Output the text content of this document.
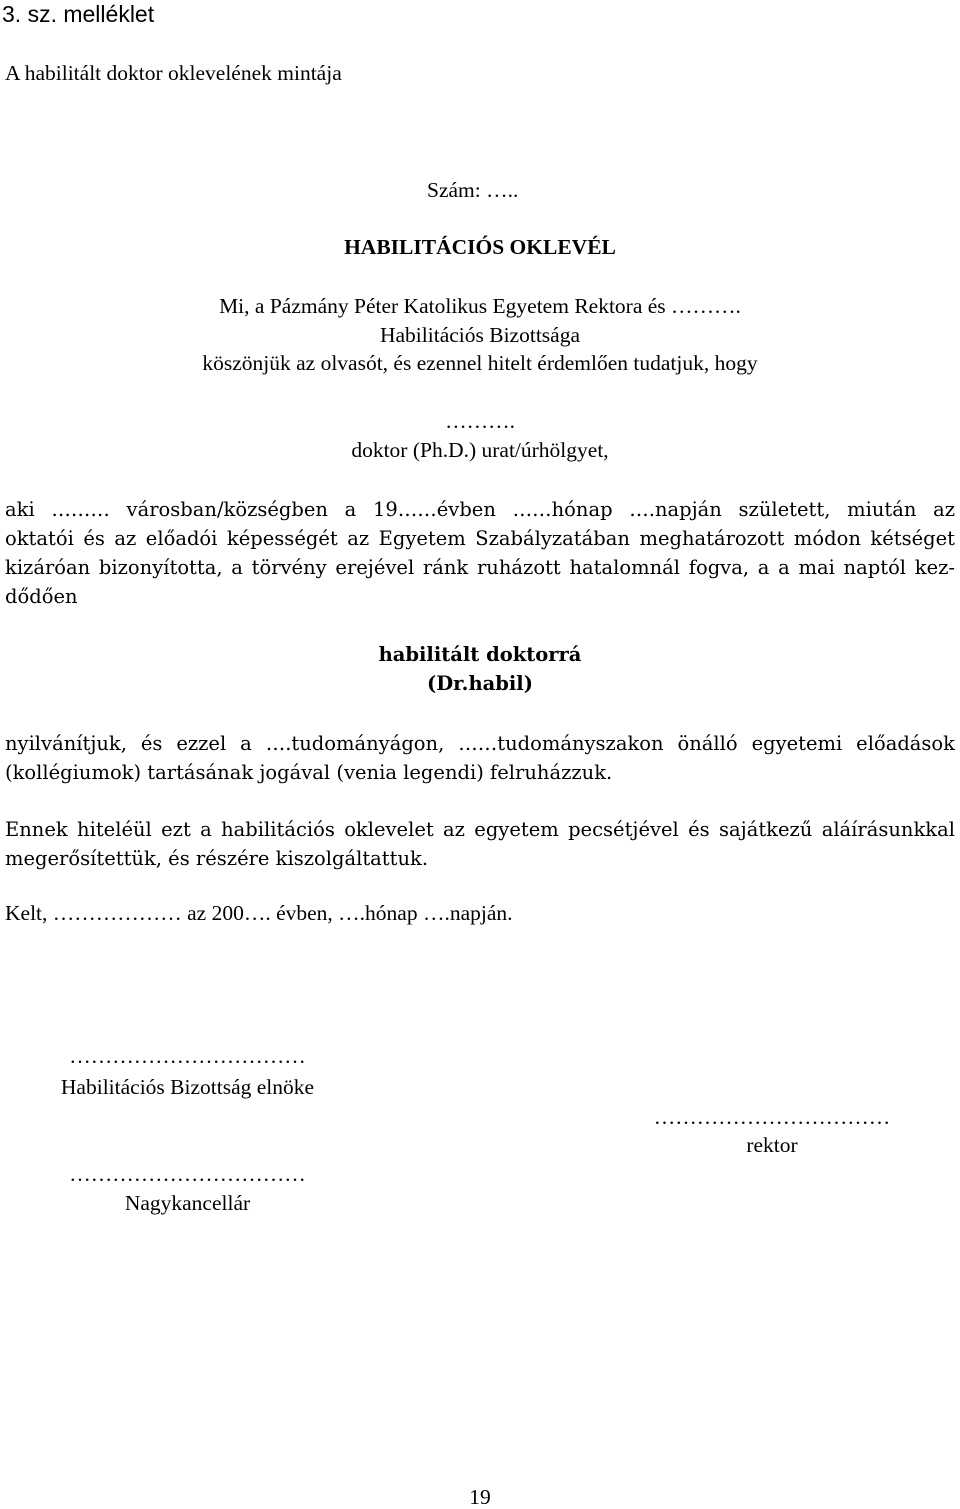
3. sz. melléklet
A habilitált doktor oklevelének mintája
Szám: …..
HABILITÁCIÓS OKLEVÉL
Mi, a Pázmány Péter Katolikus Egyetem Rektora és ……….
Habilitációs Bizottsága
köszönjük az olvasót, és ezennel hitelt érdemlően tudatjuk, hogy
……….
doktor (Ph.D.) urat/úrhölgyet,
aki ……… városban/községben a 19……évben ……hónap ….napján született, miután az
oktatói és az előadói képességét az Egyetem Szabályzatában meghatározott módon kétséget
kizáróan bizonyította, a törvény erejével ránk ruházott hatalomnál fogva, a a mai naptól kez-
dődően
habilitált doktorrá
(Dr.habil)
nyilvánítjuk, és ezzel a ….tudományágon, ……tudományszakon önálló egyetemi előadások
(kollégiumok) tartásának jogával (venia legendi) felruházzuk.
Ennek hiteléül ezt a habilitációs oklevelet az egyetem pecsétjével és sajátkezű aláírásunkkal
megerősítettük, és részére kiszolgáltattuk.
Kelt, ……………… az 200…. évben, ….hónap ….napján.
……………………………
Habilitációs Bizottság elnöke
……………………………
rektor
……………………………
Nagykancellár
19
